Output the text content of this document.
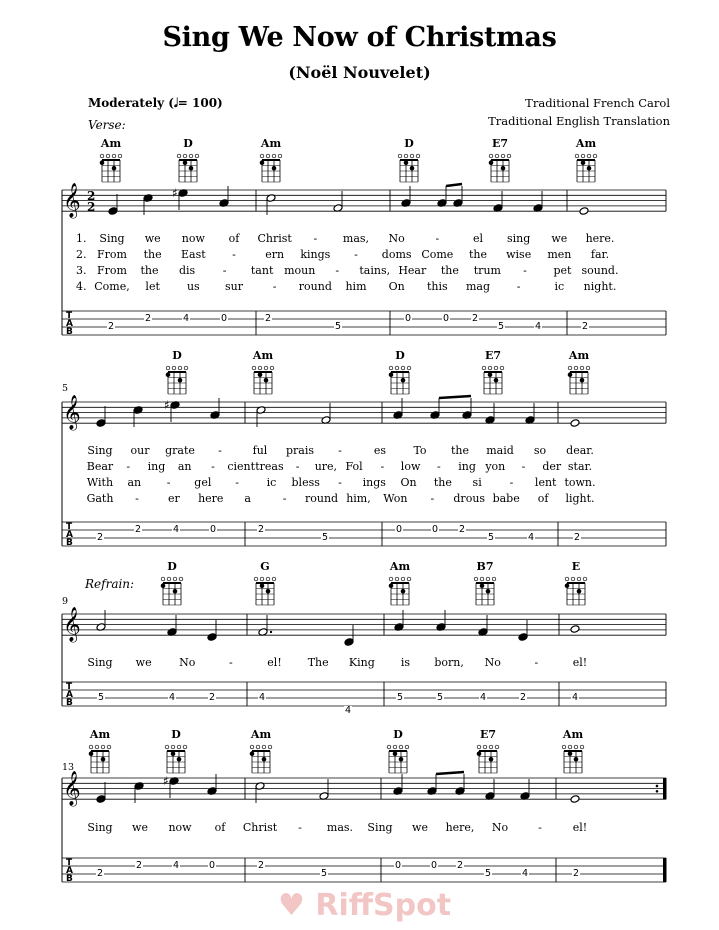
Sing We Now of Christmas
(Noël Nouvelet)
Moderately (𝅗𝅥= 100)	Traditional French Carol
Traditional English Translation
𝄞
T
A
B
2
2
♯
𝄞
T
A
B
♯
𝄞
T
A
B
𝄞
T
A
B
♯
Am	D	Am	D	E7	Am
Verse:
1.
2.
3.
4.
Sing	we	now	of	Christ	-	mas,	No	-	el	sing	we	here.
From	the	East	-	ern	kings	-	doms Come	the	wise	men	far.
From	the	dis	-	tant moun	-	tains, Hear	the	trum	-	pet sound.
Come,	let	us	sur	-	round	him	On	this	mag	-	ic	night.
2
2	4	0	2
5
0	0 2
5	4	2
D	Am	D	E7	Am
5
Sing	our	grate	-	ful	prais	-	es	To	the	maid	so	dear.
Bear	-	ing	an	-	cient treas	-	ure, Fol	-	low	-	ing yon	-	der star.
With	an	-	gel	-	ic	bless	-	ings	On	the	si	-	lent town.
Gath	-	er	here	a	-	round him,	Won	-	drous babe	of	light.
2
2	4	0	2
5
0	0 2
5	4	2
D	G	Am	B7	E
Refrain:
9
Sing	we	No	-	el!	The	King	is	born,	No	-	el!
5	4	2	4
4
5	5	4	2	4
Am	D	Am	D	E7	Am
13
Sing	we	now	of	Christ	-	mas.	Sing	we	here,	No	-	el!
2
2	4	0	2
5
0	0 2
5	4	2
♥ RiffSpot
